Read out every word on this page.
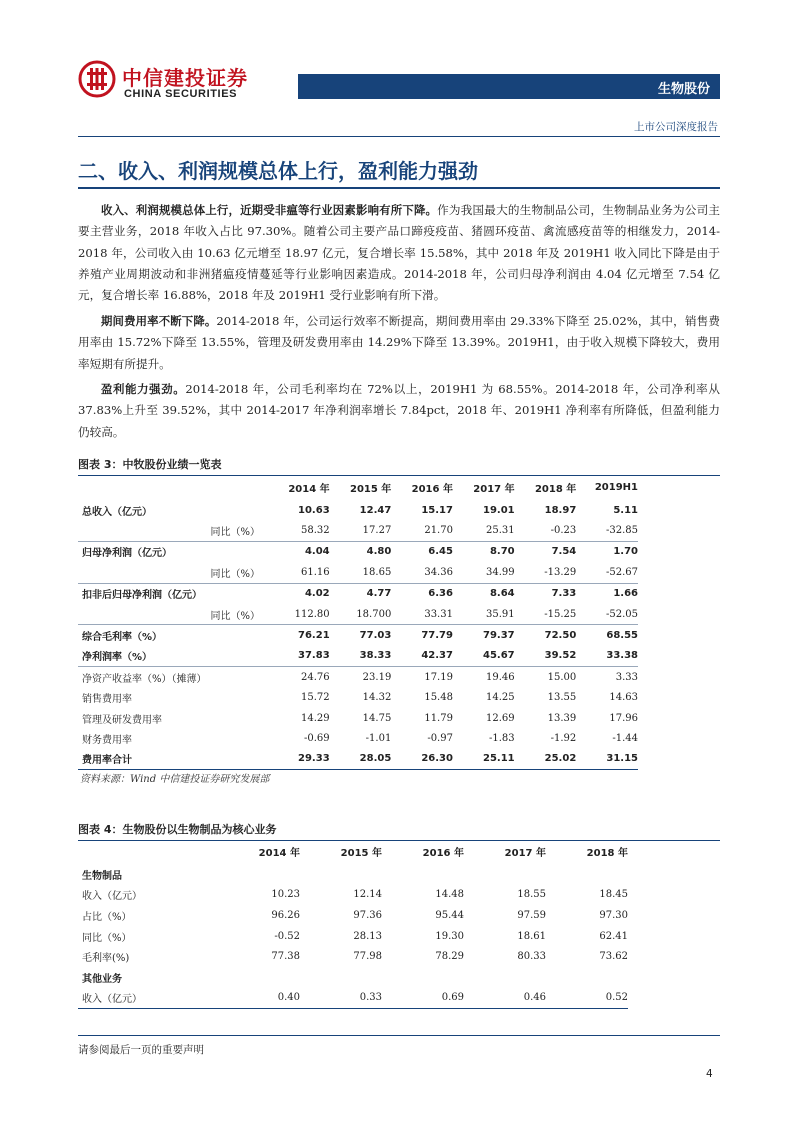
中信建投证券
CHINA SECURITIES	生物股份
上市公司深度报告
二、收入、利润规模总体上行，盈利能力强劲
收入、利润规模总体上行，近期受非瘟等行业因素影响有所下降。作为我国最大的生物制品公司，生物制品业务为公司主要主营业务，2018 年收入占比 97.30%。随着公司主要产品口蹄疫疫苗、猪圆环疫苗、禽流感疫苗等的相继发力，2014-2018 年，公司收入由 10.63 亿元增至 18.97 亿元，复合增长率 15.58%，其中 2018 年及 2019H1 收入同比下降是由于养殖产业周期波动和非洲猪瘟疫情蔓延等行业影响因素造成。2014-2018 年，公司归母净利润由 4.04 亿元增至 7.54 亿元，复合增长率 16.88%，2018 年及 2019H1 受行业影响有所下滑。
期间费用率不断下降。2014-2018 年，公司运行效率不断提高，期间费用率由 29.33%下降至 25.02%，其中，销售费用率由 15.72%下降至 13.55%，管理及研发费用率由 14.29%下降至 13.39%。2019H1，由于收入规模下降较大，费用率短期有所提升。
盈利能力强劲。2014-2018 年，公司毛利率均在 72%以上，2019H1 为 68.55%。2014-2018 年，公司净利率从 37.83%上升至 39.52%，其中 2014-2017 年净利润率增长 7.84pct，2018 年、2019H1 净利率有所降低，但盈利能力仍较高。
图表 3：中牧股份业绩一览表
	2014 年	2015 年	2016 年	2017 年	2018 年	2019H1
总收入（亿元）	10.63	12.47	15.17	19.01	18.97	5.11
同比（%）	58.32	17.27	21.70	25.31	-0.23	-32.85
归母净利润（亿元）	4.04	4.80	6.45	8.70	7.54	1.70
同比（%）	61.16	18.65	34.36	34.99	-13.29	-52.67
扣非后归母净利润（亿元）	4.02	4.77	6.36	8.64	7.33	1.66
同比（%）	112.80	18.700	33.31	35.91	-15.25	-52.05
综合毛利率（%）	76.21	77.03	77.79	79.37	72.50	68.55
净利润率（%）	37.83	38.33	42.37	45.67	39.52	33.38
净资产收益率（%）（摊薄）	24.76	23.19	17.19	19.46	15.00	3.33
销售费用率	15.72	14.32	15.48	14.25	13.55	14.63
管理及研发费用率	14.29	14.75	11.79	12.69	13.39	17.96
财务费用率	-0.69	-1.01	-0.97	-1.83	-1.92	-1.44
费用率合计	29.33	28.05	26.30	25.11	25.02	31.15
资料来源：Wind 中信建投证券研究发展部
图表 4：生物股份以生物制品为核心业务
	2014 年	2015 年	2016 年	2017 年	2018 年
生物制品					
收入（亿元）	10.23	12.14	14.48	18.55	18.45
占比（%）	96.26	97.36	95.44	97.59	97.30
同比（%）	-0.52	28.13	19.30	18.61	62.41
毛利率(%)	77.38	77.98	78.29	80.33	73.62
其他业务					
收入（亿元）	0.40	0.33	0.69	0.46	0.52
请参阅最后一页的重要声明
4
